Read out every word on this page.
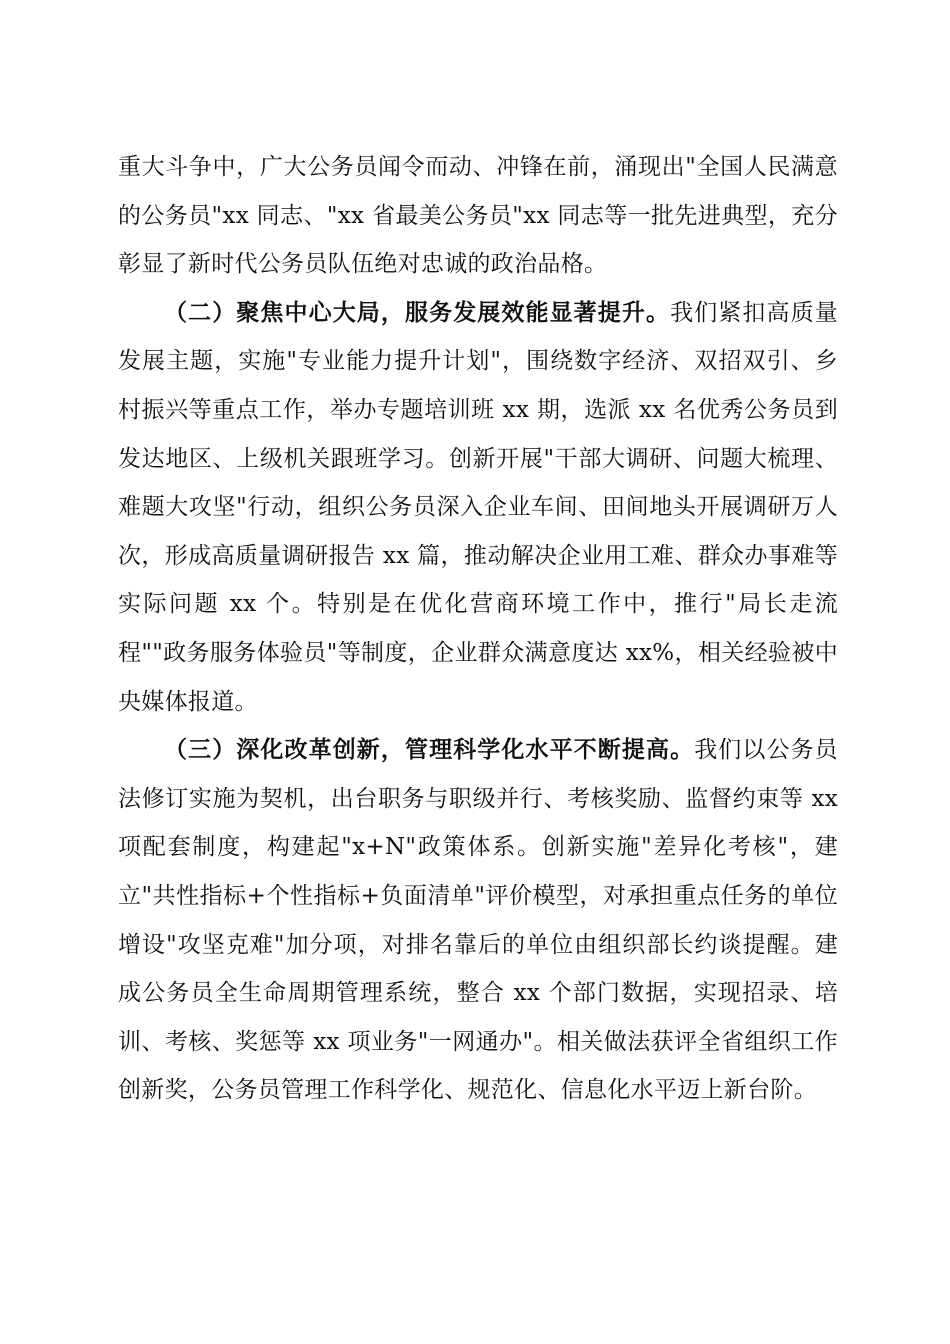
重大斗争中，广大公务员闻令而动、冲锋在前，涌现出"全国人民满意的公务员"xx 同志、"xx 省最美公务员"xx 同志等一批先进典型，充分彰显了新时代公务员队伍绝对忠诚的政治品格。

（二）聚焦中心大局，服务发展效能显著提升。我们紧扣高质量发展主题，实施"专业能力提升计划"，围绕数字经济、双招双引、乡村振兴等重点工作，举办专题培训班 xx 期，选派 xx 名优秀公务员到发达地区、上级机关跟班学习。创新开展"干部大调研、问题大梳理、难题大攻坚"行动，组织公务员深入企业车间、田间地头开展调研万人次，形成高质量调研报告 xx 篇，推动解决企业用工难、群众办事难等实际问题 xx 个。特别是在优化营商环境工作中，推行"局长走流程""政务服务体验员"等制度，企业群众满意度达 xx%，相关经验被中央媒体报道。

（三）深化改革创新，管理科学化水平不断提高。我们以公务员法修订实施为契机，出台职务与职级并行、考核奖励、监督约束等 xx 项配套制度，构建起"x+N"政策体系。创新实施"差异化考核"，建立"共性指标+个性指标+负面清单"评价模型，对承担重点任务的单位增设"攻坚克难"加分项，对排名靠后的单位由组织部长约谈提醒。建成公务员全生命周期管理系统，整合 xx 个部门数据，实现招录、培训、考核、奖惩等 xx 项业务"一网通办"。相关做法获评全省组织工作创新奖，公务员管理工作科学化、规范化、信息化水平迈上新台阶。
